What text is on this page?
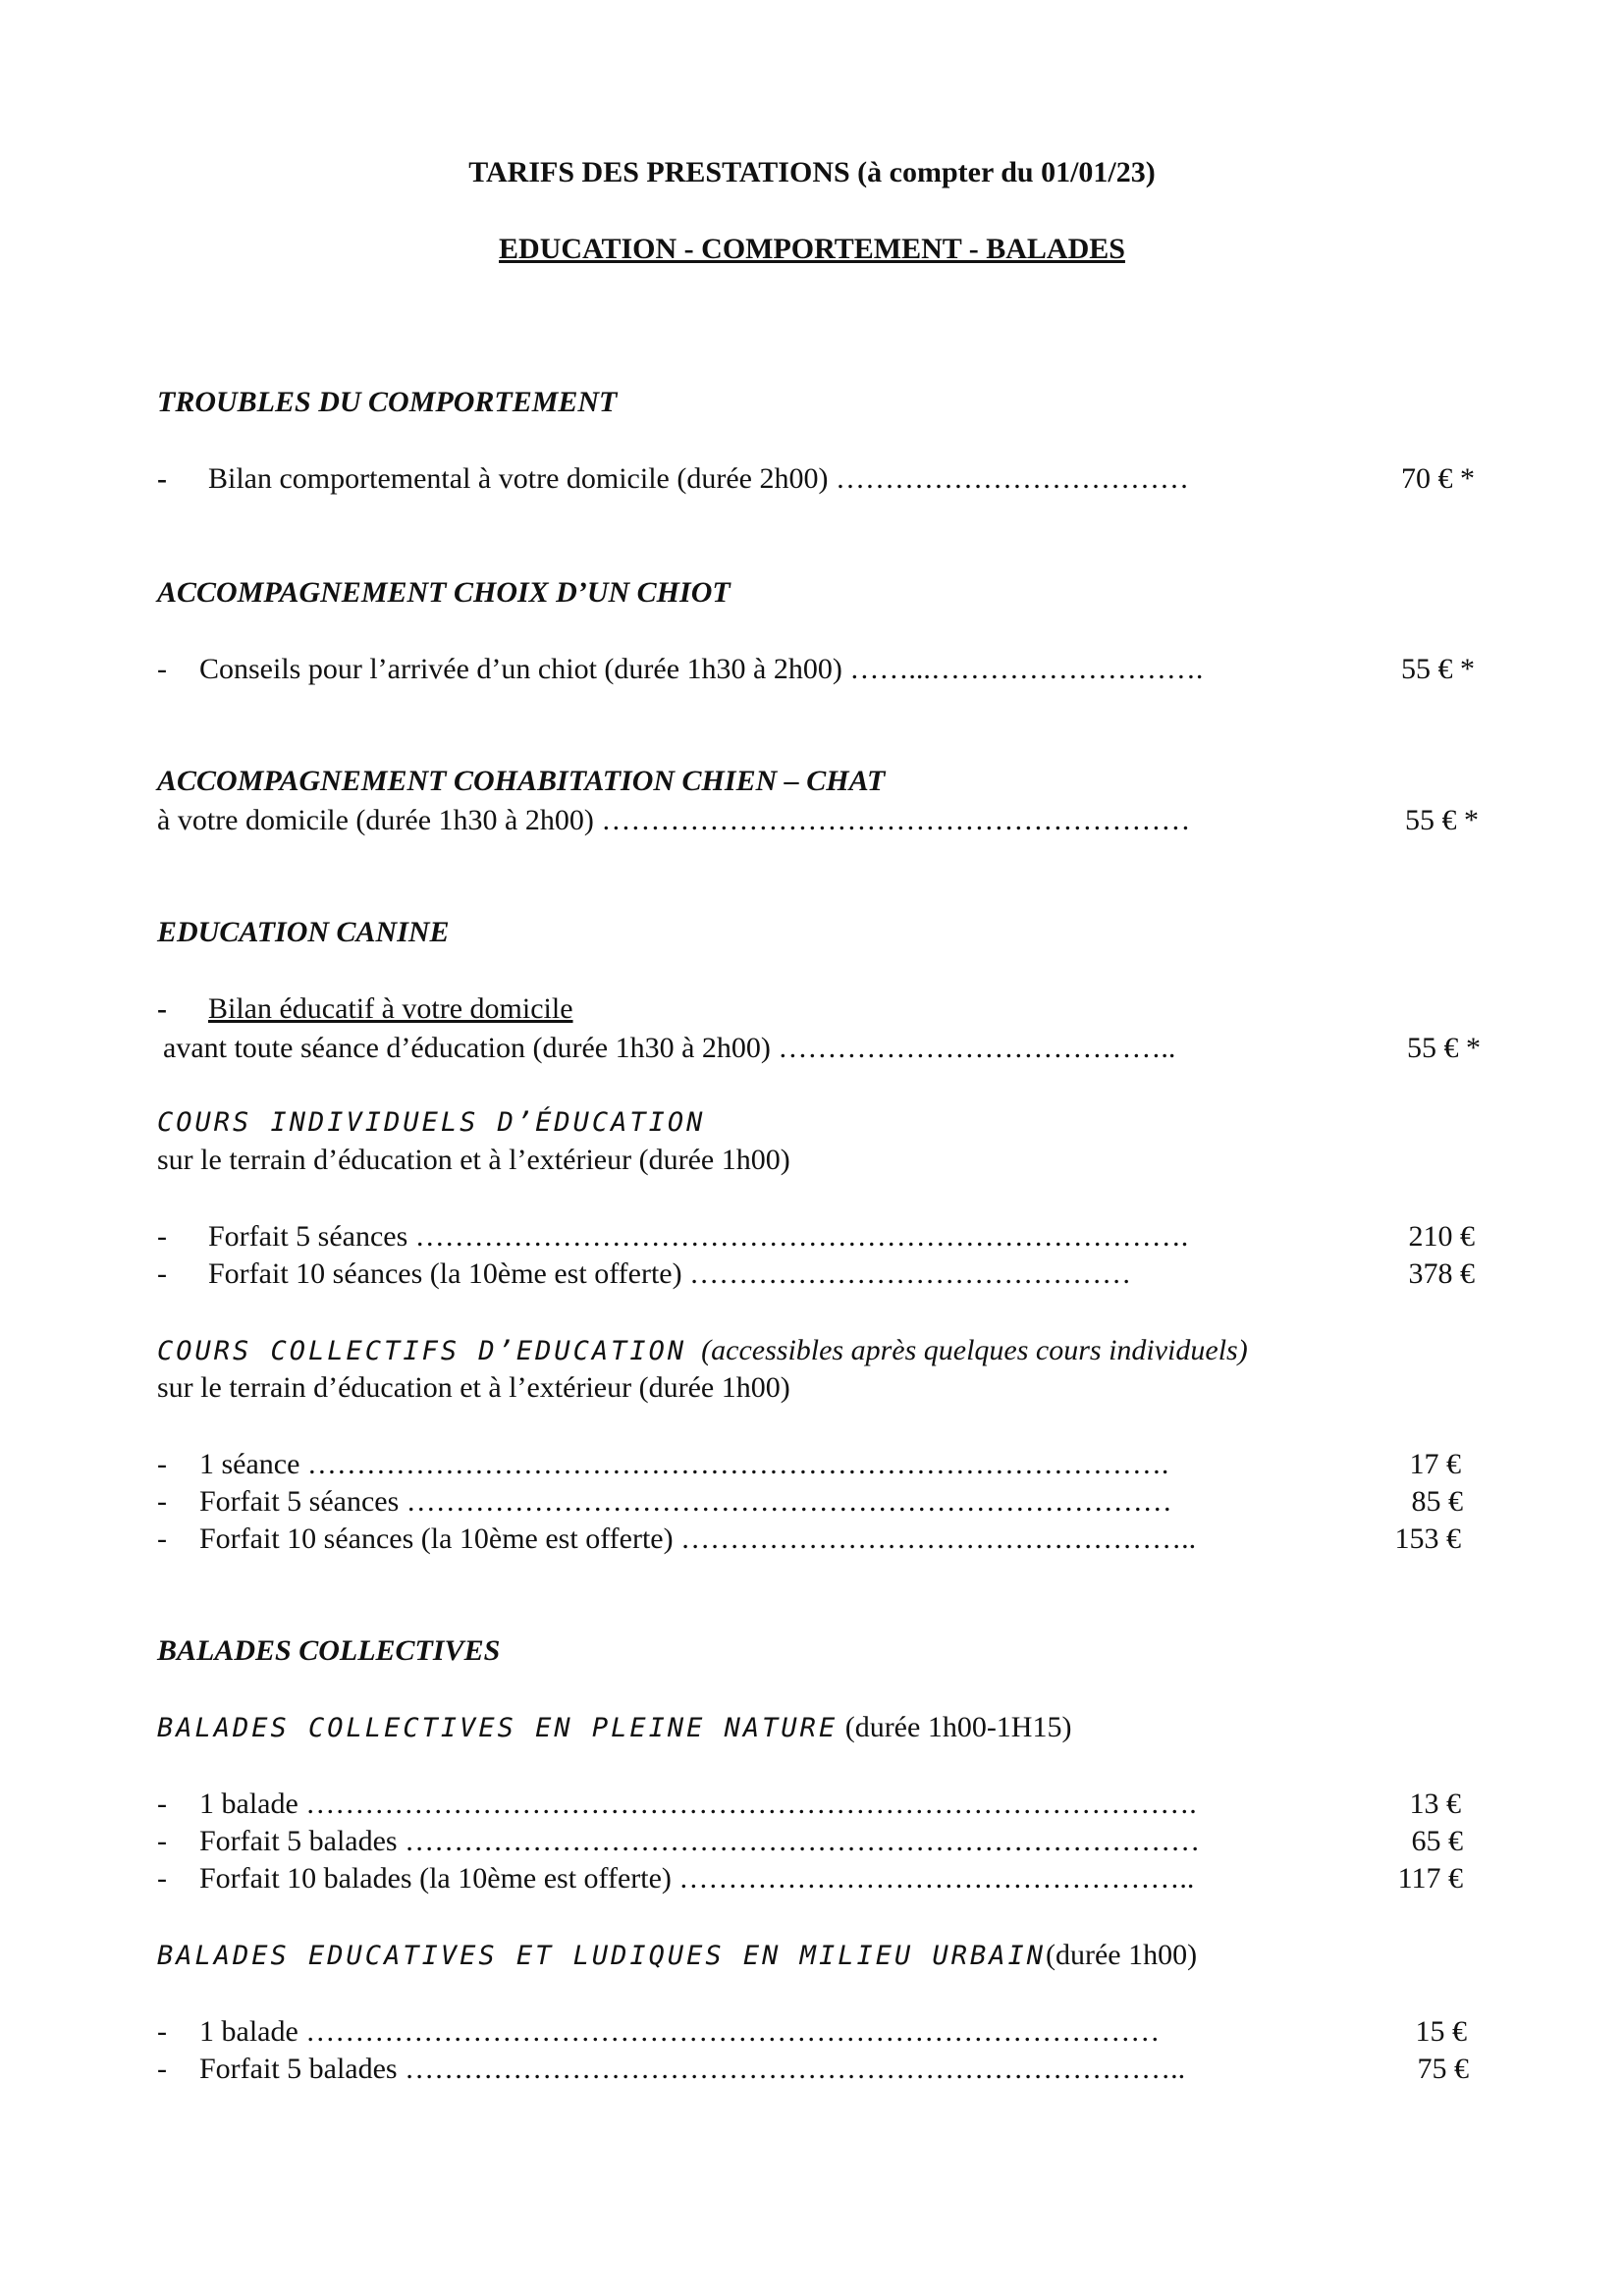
TARIFS DES PRESTATIONS (à compter du 01/01/23)

EDUCATION - COMPORTEMENT - BALADES

TROUBLES DU COMPORTEMENT

- Bilan comportemental à votre domicile (durée 2h00) ………………………………	70 € *

ACCOMPAGNEMENT CHOIX D’UN CHIOT

- Conseils pour l’arrivée d’un chiot (durée 1h30 à 2h00) ……...……………………….	55 € *

ACCOMPAGNEMENT COHABITATION CHIEN – CHAT

à votre domicile (durée 1h30 à 2h00) ……………………………………………………	55 € *

EDUCATION CANINE

- Bilan éducatif à votre domicile

avant toute séance d’éducation (durée 1h30 à 2h00) …………………………………..	55 € *

COURS INDIVIDUELS D’ÉDUCATION

sur le terrain d’éducation et à l’extérieur (durée 1h00)

- Forfait 5 séances …………………………………………………………………….	210 €

- Forfait 10 séances (la 10ème est offerte) ………………………………………	378 €

COURS COLLECTIFS D’EDUCATION (accessibles après quelques cours individuels)

sur le terrain d’éducation et à l’extérieur (durée 1h00)

- 1 séance …………………………………………………………………………….	17 €

- Forfait 5 séances ……………………………………………………………………	85 €

- Forfait 10 séances (la 10ème est offerte) ……………………………………………..	153 €

BALADES COLLECTIVES

BALADES COLLECTIVES EN PLEINE NATURE (durée 1h00-1H15)

- 1 balade ……………………………………………………………………………….	13 €

- Forfait 5 balades ………………………………………………………………………	65 €

- Forfait 10 balades (la 10ème est offerte) ……………………………………………..	117 €

BALADES EDUCATIVES ET LUDIQUES EN MILIEU URBAIN(durée 1h00)

- 1 balade ……………………………………………………………………………	15 €

- Forfait 5 balades ……………………………………………………………………..	75 €
